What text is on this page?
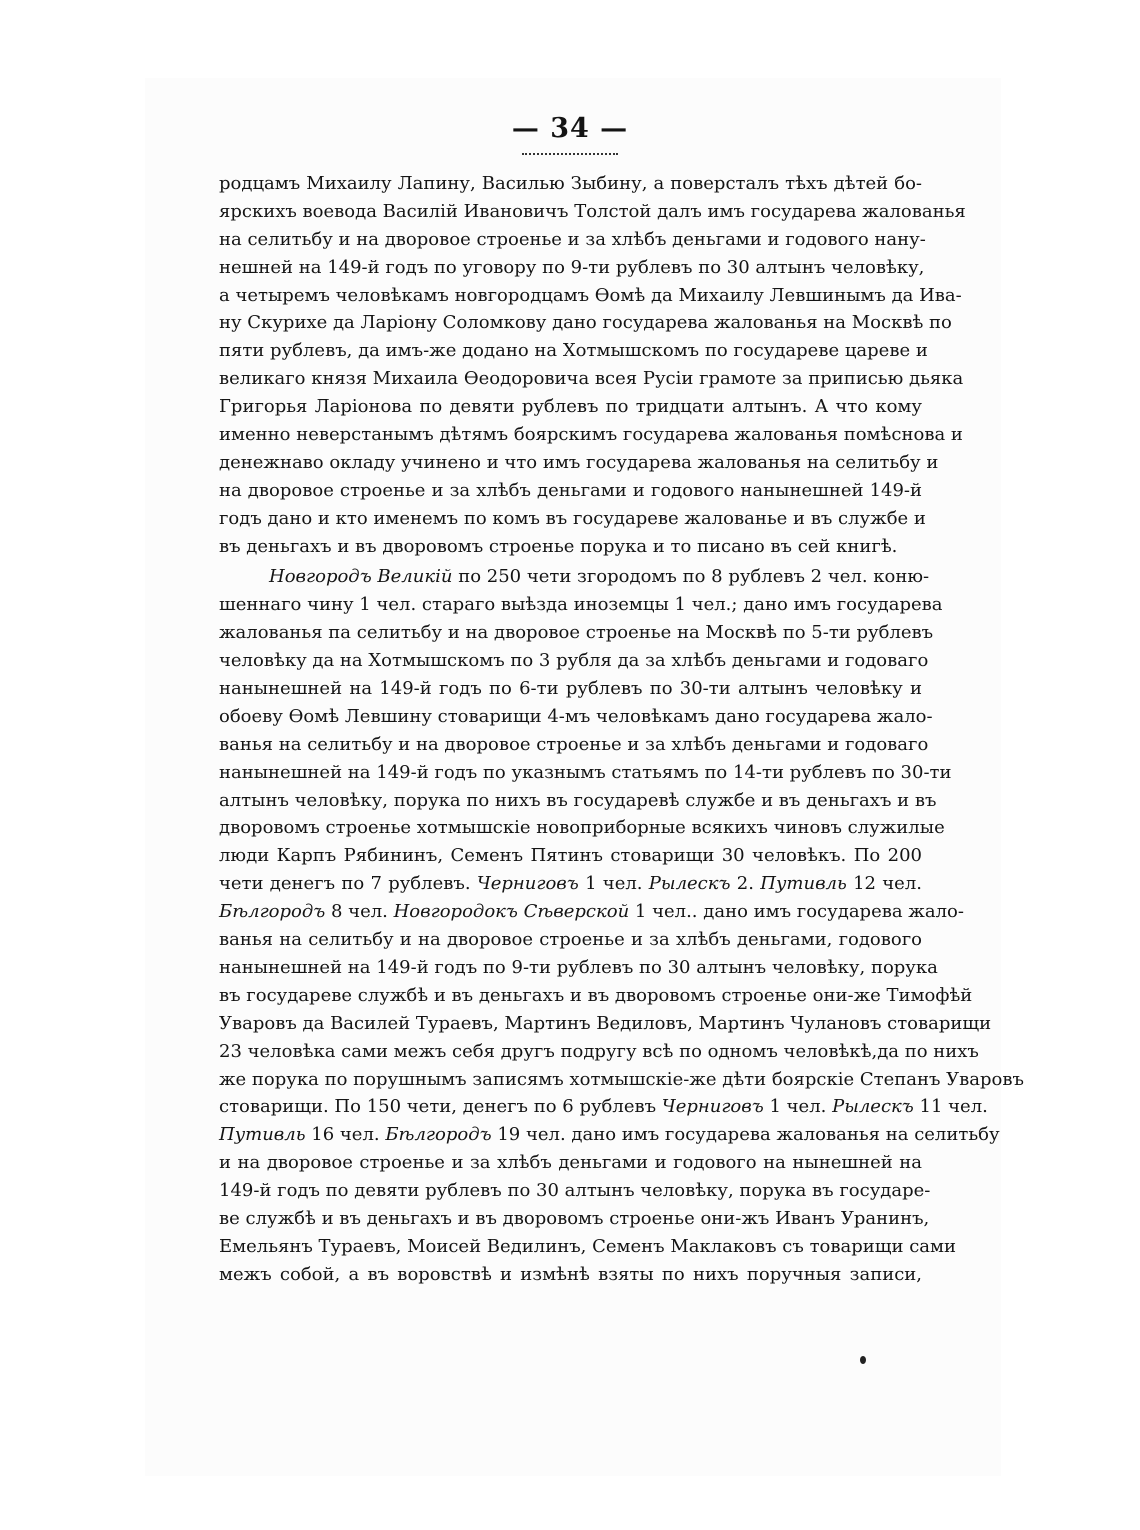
— 34 —
родцамъ Михаилу Лапину, Василью Зыбину, а поверсталъ тѣхъ дѣтей бо-
ярскихъ воевода Василій Ивановичъ Толстой далъ имъ государева жалованья
на селитьбу и на дворовое строенье и за хлѣбъ деньгами и годового нану-
нешней на 149-й годъ по уговору по 9-ти рублевъ по 30 алтынъ человѣку,
а четыремъ человѣкамъ новгородцамъ Ѳомѣ да Михаилу Левшинымъ да Ива-
ну Скурихе да Ларіону Соломкову дано государева жалованья на Москвѣ по
пяти рублевъ, да имъ-же додано на Хотмышскомъ по государеве цареве и
великаго князя Михаила Ѳеодоровича всея Русіи грамоте за приписью дьяка
Григорья Ларіонова по девяти рублевъ по тридцати алтынъ. А что кому
именно неверстанымъ дѣтямъ боярскимъ государева жалованья помѣснова и
денежнаво окладу учинено и что имъ государева жалованья на селитьбу и
на дворовое строенье и за хлѣбъ деньгами и годового нанынешней 149-й
годъ дано и кто именемъ по комъ въ государеве жалованье и въ службе и
въ деньгахъ и въ дворовомъ строенье порука и то писано въ сей книгѣ.
Новгородъ Великій по 250 чети згородомъ по 8 рублевъ 2 чел. коню-
шеннаго чину 1 чел. стараго выѣзда иноземцы 1 чел.; дано имъ государева
жалованья па селитьбу и на дворовое строенье на Москвѣ по 5-ти рублевъ
человѣку да на Хотмышскомъ по 3 рубля да за хлѣбъ деньгами и годоваго
нанынешней на 149-й годъ по 6-ти рублевъ по 30-ти алтынъ человѣку и
обоеву Ѳомѣ Левшину стоварищи 4-мъ человѣкамъ дано государева жало-
ванья на селитьбу и на дворовое строенье и за хлѣбъ деньгами и годоваго
нанынешней на 149-й годъ по указнымъ статьямъ по 14-ти рублевъ по 30-ти
алтынъ человѣку, порука по нихъ въ государевѣ службе и въ деньгахъ и въ
дворовомъ строенье хотмышскіе новоприборные всякихъ чиновъ служилые
люди Карпъ Рябининъ, Семенъ Пятинъ стоварищи 30 человѣкъ. По 200
чети денегъ по 7 рублевъ. Черниговъ 1 чел. Рылескъ 2. Путивль 12 чел.
Бѣлгородъ 8 чел. Новгородокъ Сѣверской 1 чел.. дано имъ государева жало-
ванья на селитьбу и на дворовое строенье и за хлѣбъ деньгами, годового
нанынешней на 149-й годъ по 9-ти рублевъ по 30 алтынъ человѣку, порука
въ государеве службѣ и въ деньгахъ и въ дворовомъ строенье они-же Тимофѣй
Уваровъ да Василей Тураевъ, Мартинъ Ведиловъ, Мартинъ Чулановъ стоварищи
23 человѣка сами межъ себя другъ подругу всѣ по одномъ человѣкѣ,да по нихъ
же порука по порушнымъ записямъ хотмышскіе-же дѣти боярскіе Степанъ Уваровъ
стоварищи. По 150 чети, денегъ по 6 рублевъ Черниговъ 1 чел. Рылескъ 11 чел.
Путивль 16 чел. Бѣлгородъ 19 чел. дано имъ государева жалованья на селитьбу
и на дворовое строенье и за хлѣбъ деньгами и годового на нынешней на
149-й годъ по девяти рублевъ по 30 алтынъ человѣку, порука въ государе-
ве службѣ и въ деньгахъ и въ дворовомъ строенье они-жъ Иванъ Уранинъ,
Емельянъ Тураевъ, Моисей Ведилинъ, Семенъ Маклаковъ съ товарищи сами
межъ собой, а въ воровствѣ и измѣнѣ взяты по нихъ поручныя записи,
